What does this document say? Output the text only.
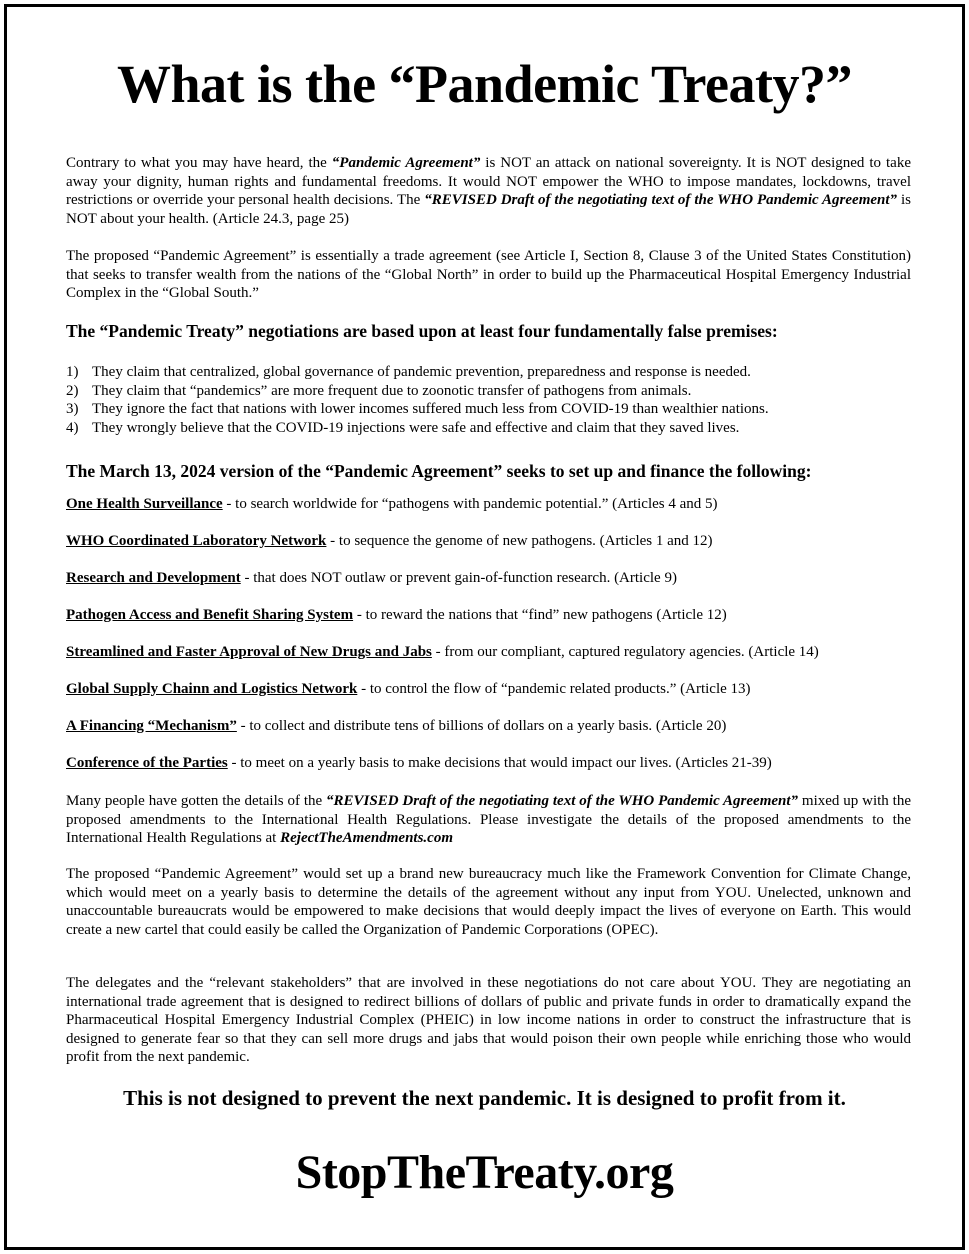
What is the “Pandemic Treaty?”

Contrary to what you may have heard, the “Pandemic Agreement” is NOT an attack on national sovereignty. It is NOT designed to take away your dignity, human rights and fundamental freedoms. It would NOT empower the WHO to impose mandates, lockdowns, travel restrictions or override your personal health decisions. The “REVISED Draft of the negotiating text of the WHO Pandemic Agreement” is NOT about your health. (Article 24.3, page 25)

The proposed “Pandemic Agreement” is essentially a trade agreement (see Article I, Section 8, Clause 3 of the United States Constitution) that seeks to transfer wealth from the nations of the “Global North” in order to build up the Pharmaceutical Hospital Emergency Industrial Complex in the “Global South.”

The “Pandemic Treaty” negotiations are based upon at least four fundamentally false premises:
1) They claim that centralized, global governance of pandemic prevention, preparedness and response is needed.
2) They claim that “pandemics” are more frequent due to zoonotic transfer of pathogens from animals.
3) They ignore the fact that nations with lower incomes suffered much less from COVID-19 than wealthier nations.
4) They wrongly believe that the COVID-19 injections were safe and effective and claim that they saved lives.
The March 13, 2024 version of the “Pandemic Agreement” seeks to set up and finance the following:

One Health Surveillance - to search worldwide for “pathogens with pandemic potential.” (Articles 4 and 5)

WHO Coordinated Laboratory Network - to sequence the genome of new pathogens. (Articles 1 and 12)

Research and Development - that does NOT outlaw or prevent gain-of-function research. (Article 9)

Pathogen Access and Benefit Sharing System - to reward the nations that “find” new pathogens (Article 12)

Streamlined and Faster Approval of New Drugs and Jabs - from our compliant, captured regulatory agencies. (Article 14)

Global Supply Chainn and Logistics Network - to control the flow of “pandemic related products.” (Article 13)

A Financing “Mechanism” - to collect and distribute tens of billions of dollars on a yearly basis. (Article 20)

Conference of the Parties - to meet on a yearly basis to make decisions that would impact our lives. (Articles 21-39)

Many people have gotten the details of the “REVISED Draft of the negotiating text of the WHO Pandemic Agreement” mixed up with the proposed amendments to the International Health Regulations. Please investigate the details of the proposed amendments to the International Health Regulations at RejectTheAmendments.com

The proposed “Pandemic Agreement” would set up a brand new bureaucracy much like the Framework Convention for Climate Change, which would meet on a yearly basis to determine the details of the agreement without any input from YOU. Unelected, unknown and unaccountable bureaucrats would be empowered to make decisions that would deeply impact the lives of everyone on Earth. This would create a new cartel that could easily be called the Organization of Pandemic Corporations (OPEC).

The delegates and the “relevant stakeholders” that are involved in these negotiations do not care about YOU. They are negotiating an international trade agreement that is designed to redirect billions of dollars of public and private funds in order to dramatically expand the Pharmaceutical Hospital Emergency Industrial Complex (PHEIC) in low income nations in order to construct the infrastructure that is designed to generate fear so that they can sell more drugs and jabs that would poison their own people while enriching those who would profit from the next pandemic.

This is not designed to prevent the next pandemic. It is designed to profit from it.
StopTheTreaty.org
